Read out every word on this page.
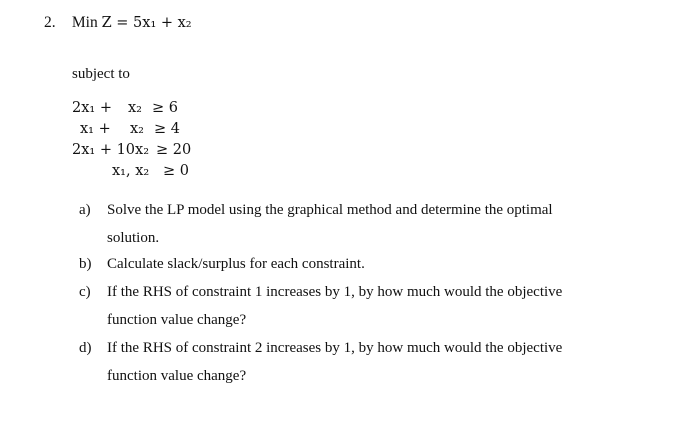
2. Min Z = 5x₁ + x₂
subject to
2x₁ + x₂ ≥ 6
x₁ + x₂ ≥ 4
2x₁ + 10x₂ ≥ 20
x₁, x₂ ≥ 0
a) Solve the LP model using the graphical method and determine the optimal
solution.
b) Calculate slack/surplus for each constraint.
c) If the RHS of constraint 1 increases by 1, by how much would the objective
function value change?
d) If the RHS of constraint 2 increases by 1, by how much would the objective
function value change?
